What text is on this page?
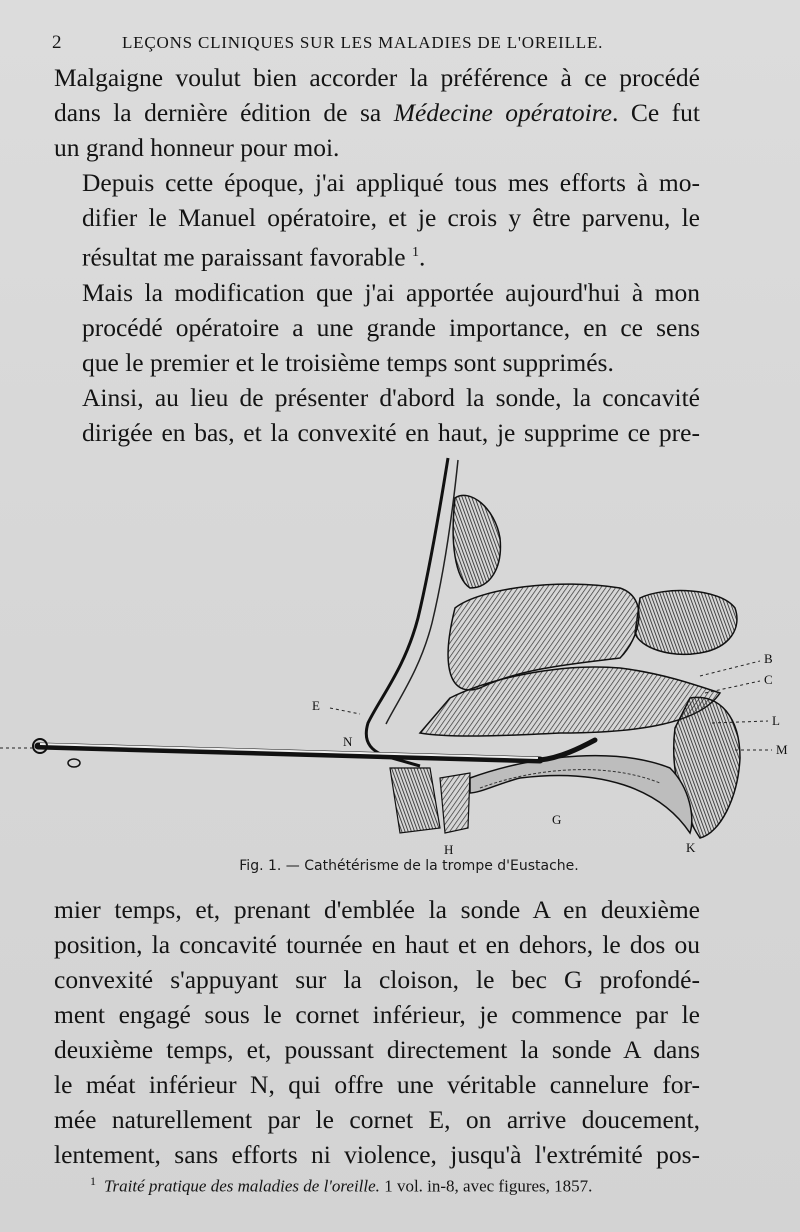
2	LEÇONS CLINIQUES SUR LES MALADIES DE L'OREILLE.

Malgaigne voulut bien accorder la préférence à ce procédé
dans la dernière édition de sa Médecine opératoire. Ce fut
un grand honneur pour moi.

Depuis cette époque, j'ai appliqué tous mes efforts à mo-
difier le Manuel opératoire, et je crois y être parvenu, le
résultat me paraissant favorable $^1$.

Mais la modification que j'ai apportée aujourd'hui à mon
procédé opératoire a une grande importance, en ce sens
que le premier et le troisième temps sont supprimés.

Ainsi, au lieu de présenter d'abord la sonde, la concavité
dirigée en bas, et la convexité en haut, je supprime ce pre-

B
C
L
M
E
N
G
H	K
Fig. 1. — Cathétérisme de la trompe d'Eustache.

mier temps, et, prenant d'emblée la sonde A en deuxième
position, la concavité tournée en haut et en dehors, le dos ou
convexité s'appuyant sur la cloison, le bec G profondé-
ment engagé sous le cornet inférieur, je commence par le
deuxième temps, et, poussant directement la sonde A dans
le méat inférieur N, qui offre une véritable cannelure for-
mée naturellement par le cornet E, on arrive doucement,
lentement, sans efforts ni violence, jusqu'à l'extrémité pos-

$^1$ Traité pratique des maladies de l'oreille. 1 vol. in-8, avec figures, 1857.
